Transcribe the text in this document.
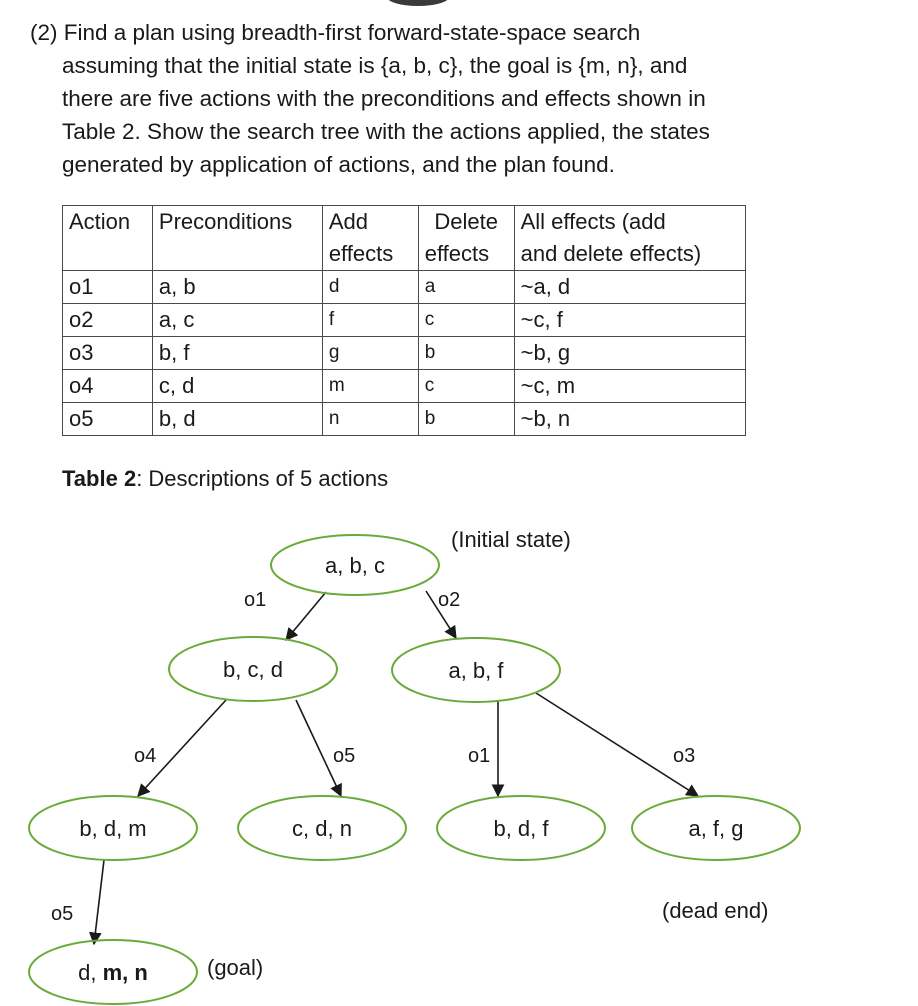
(2) Find a plan using breadth-first forward-state-space search
assuming that the initial state is {a, b, c}, the goal is {m, n}, and
there are five actions with the preconditions and effects shown in
Table 2. Show the search tree with the actions applied, the states
generated by application of actions, and the plan found.
Action	Preconditions	Add	Delete	All effects (add
		effects	effects	and delete effects)
o1	a, b	d	a	~a, d
o2	a, c	f	c	~c, f
o3	b, f	g	b	~b, g
o4	c, d	m	c	~c, m
o5	b, d	n	b	~b, n
Table 2: Descriptions of 5 actions
a, b, c
b, c, d	a, b, f
b, d, m	c, d, n	b, d, f	a, f, g
d, m, n
o1	o2
o4	o5	o1	o3
o5
(Initial state)
(dead end)
(goal)
